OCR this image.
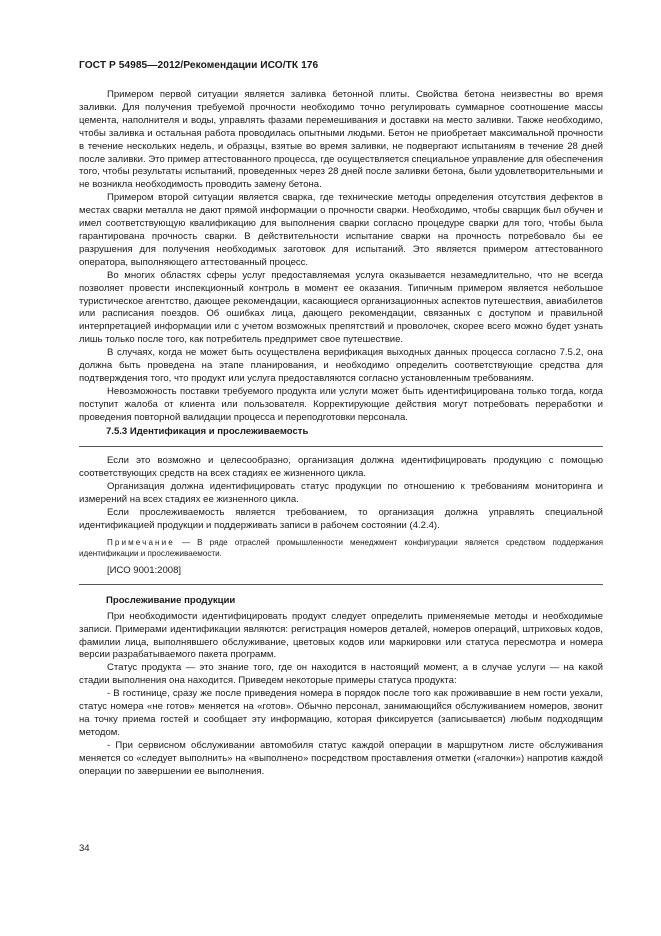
ГОСТ Р 54985—2012/Рекомендации ИСО/ТК 176

Примером первой ситуации является заливка бетонной плиты. Свойства бетона неизвестны во время заливки. Для получения требуемой прочности необходимо точно регулировать суммарное соотношение массы цемента, наполнителя и воды, управлять фазами перемешивания и доставки на место заливки. Также необходимо, чтобы заливка и остальная работа проводилась опытными людьми. Бетон не приобретает максимальной прочности в течение нескольких недель, и образцы, взятые во время заливки, не подвергают испытаниям в течение 28 дней после заливки. Это пример аттестованного процесса, где осуществляется специальное управление для обеспечения того, чтобы результаты испытаний, проведенных через 28 дней после заливки бетона, были удовлетворительными и не возникла необходимость проводить замену бетона.

Примером второй ситуации является сварка, где технические методы определения отсутствия дефектов в местах сварки металла не дают прямой информации о прочности сварки. Необходимо, чтобы сварщик был обучен и имел соответствующую квалификацию для выполнения сварки согласно процедуре сварки для того, чтобы была гарантирована прочность сварки. В действительности испытание сварки на прочность потребовало бы ее разрушения для получения необходимых заготовок для испытаний. Это является примером аттестованного оператора, выполняющего аттестованный процесс.

Во многих областях сферы услуг предоставляемая услуга оказывается незамедлительно, что не всегда позволяет провести инспекционный контроль в момент ее оказания. Типичным примером является небольшое туристическое агентство, дающее рекомендации, касающиеся организационных аспектов путешествия, авиабилетов или расписания поездов. Об ошибках лица, дающего рекомендации, связанных с доступом и правильной интерпретацией информации или с учетом возможных препятствий и проволочек, скорее всего можно будет узнать лишь только после того, как потребитель предпримет свое путешествие.

В случаях, когда не может быть осуществлена верификация выходных данных процесса согласно 7.5.2, она должна быть проведена на этапе планирования, и необходимо определить соответствующие средства для подтверждения того, что продукт или услуга предоставляются согласно установленным требованиям.

Невозможность поставки требуемого продукта или услуги может быть идентифицирована только тогда, когда поступит жалоба от клиента или пользователя. Корректирующие действия могут потребовать переработки и проведения повторной валидации процесса и переподготовки персонала.

7.5.3 Идентификация и прослеживаемость

Если это возможно и целесообразно, организация должна идентифицировать продукцию с помощью соответствующих средств на всех стадиях ее жизненного цикла.

Организация должна идентифицировать статус продукции по отношению к требованиям мониторинга и измерений на всех стадиях ее жизненного цикла.

Если прослеживаемость является требованием, то организация должна управлять специальной идентификацией продукции и поддерживать записи в рабочем состоянии (4.2.4).

Примечание — В ряде отраслей промышленности менеджмент конфигурации является средством поддержания идентификации и прослеживаемости.
[ИСО 9001:2008]
Прослеживание продукции

При необходимости идентифицировать продукт следует определить применяемые методы и необходимые записи. Примерами идентификации являются: регистрация номеров деталей, номеров операций, штриховых кодов, фамилии лица, выполнявшего обслуживание, цветовых кодов или маркировки или статуса пересмотра и номера версии разрабатываемого пакета программ.

Статус продукта — это знание того, где он находится в настоящий момент, а в случае услуги — на какой стадии выполнения она находится. Приведем некоторые примеры статуса продукта:

- В гостинице, сразу же после приведения номера в порядок после того как проживавшие в нем гости уехали, статус номера «не готов» меняется на «готов». Обычно персонал, занимающийся обслуживанием номеров, звонит на точку приема гостей и сообщает эту информацию, которая фиксируется (записывается) любым подходящим методом.

- При сервисном обслуживании автомобиля статус каждой операции в маршрутном листе обслуживания меняется со «следует выполнить» на «выполнено» посредством проставления отметки («галочки») напротив каждой операции по завершении ее выполнения.

34
